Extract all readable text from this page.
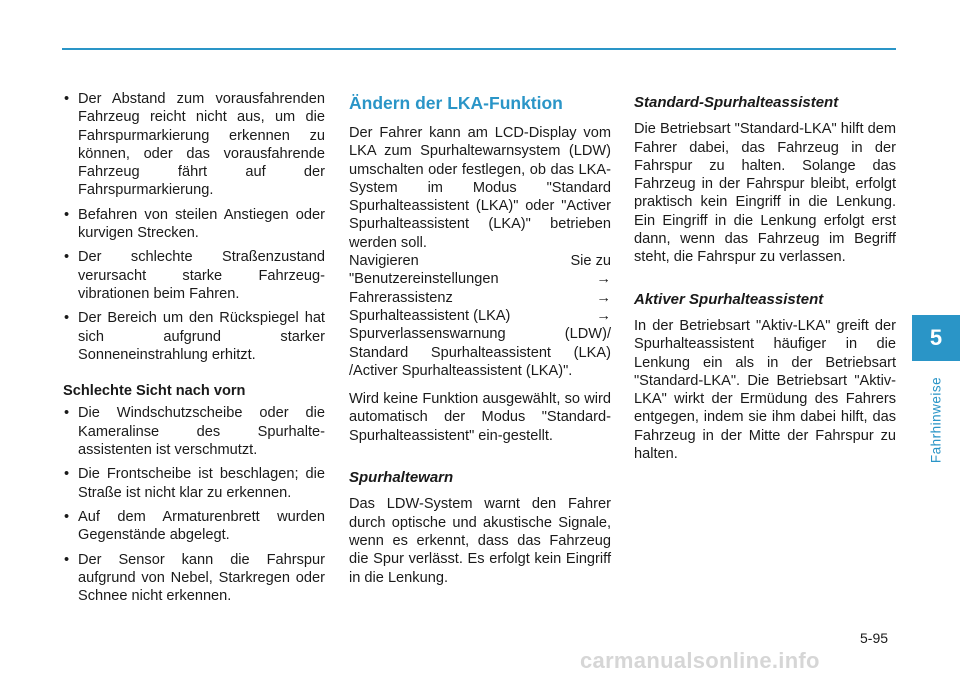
• Der Abstand zum vorausfahrenden Fahrzeug reicht nicht aus, um die Fahrspurmarkierung erkennen zu können, oder das vorausfahrende Fahrzeug fährt auf der Fahrspurmarkierung.
• Befahren von steilen Anstiegen oder kurvigen Strecken.
• Der schlechte Straßenzustand verursacht starke Fahrzeug-vibrationen beim Fahren.
• Der Bereich um den Rückspiegel hat sich aufgrund starker Sonneneinstrahlung erhitzt.
Schlechte Sicht nach vorn
• Die Windschutzscheibe oder die Kameralinse des Spurhalte-assistenten ist verschmutzt.
• Die Frontscheibe ist beschlagen; die Straße ist nicht klar zu erkennen.
• Auf dem Armaturenbrett wurden Gegenstände abgelegt.
• Der Sensor kann die Fahrspur aufgrund von Nebel, Starkregen oder Schnee nicht erkennen.
Ändern der LKA-Funktion
Der Fahrer kann am LCD-Display vom LKA zum Spurhaltewarnsystem (LDW) umschalten oder festlegen, ob das LKA-System im Modus "Standard Spurhalteassistent (LKA)" oder "Activer Spurhalteassistent (LKA)" betrieben werden soll.
Navigieren	Sie zu
"Benutzereinstellungen	→
Fahrerassistenz	→
Spurhalteassistent (LKA)	→
Spurverlassenswarnung (LDW)/ Standard Spurhalteassistent (LKA) /Activer Spurhalteassistent (LKA)".

Wird keine Funktion ausgewählt, so wird automatisch der Modus "Standard-Spurhalteassistent" ein-gestellt.

Spurhaltewarn

Das LDW-System warnt den Fahrer durch optische und akustische Signale, wenn es erkennt, dass das Fahrzeug die Spur verlässt. Es erfolgt kein Eingriff in die Lenkung.

Standard-Spurhalteassistent

Die Betriebsart "Standard-LKA" hilft dem Fahrer dabei, das Fahrzeug in der Fahrspur zu halten. Solange das Fahrzeug in der Fahrspur bleibt, erfolgt praktisch kein Eingriff in die Lenkung. Ein Eingriff in die Lenkung erfolgt erst dann, wenn das Fahrzeug im Begriff steht, die Fahrspur zu verlassen.

Aktiver Spurhalteassistent

In der Betriebsart "Aktiv-LKA" greift der Spurhalteassistent häufiger in die Lenkung ein als in der Betriebsart "Standard-LKA". Die Betriebsart "Aktiv-LKA" wirkt der Ermüdung des Fahrers entgegen, indem sie ihm dabei hilft, das Fahrzeug in der Mitte der Fahrspur zu halten.

5
Fahrhinweise
5-95
carmanualsonline.info
